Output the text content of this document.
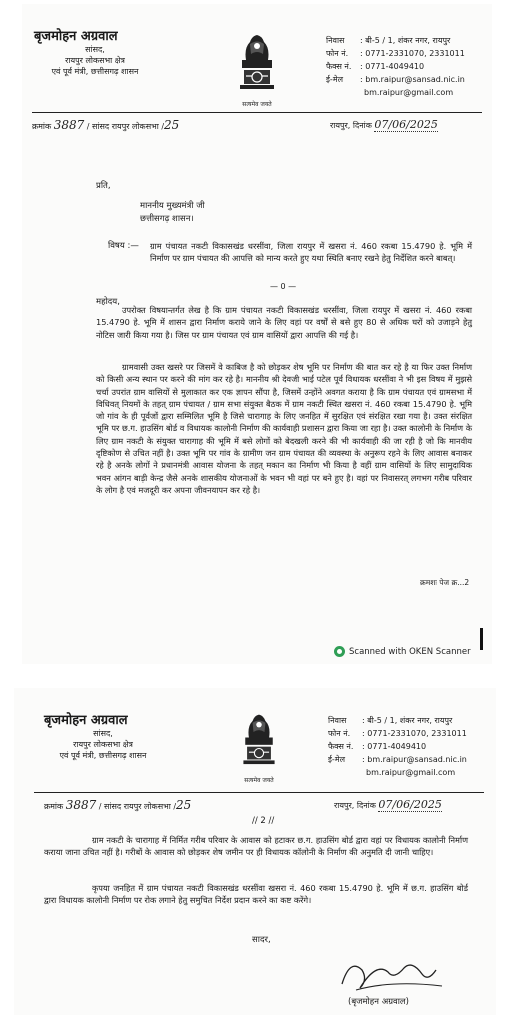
बृजमोहन अग्रवाल
सांसद,
रायपुर लोकसभा क्षेत्र
एवं पूर्व मंत्री, छत्तीसगढ़ शासन
सत्यमेव जयते
निवास : बी-5 / 1, शंकर नगर, रायपुर
फोन नं. : 0771-2331070, 2331011
फैक्स नं. : 0771-4049410
ई-मेल : bm.raipur@sansad.nic.in
bm.raipur@gmail.com
क्रमांक 3887 / सांसद रायपुर लोकसभा /25	रायपुर, दिनांक 07/06/2025
प्रति,
माननीय मुख्यमंत्री जी
छत्तीसगढ़ शासन।
विषय :— ग्राम पंचायत नकटी विकासखंड धरसींवा, जिला रायपुर में खसरा नं. 460 रकबा 15.4790 हे. भूमि में निर्माण पर ग्राम पंचायत की आपत्ति को मान्य करते हुए यथा स्थिति बनाए रखने हेतु निर्देशित करने बाबत्।
— 0 —
महोदय,
उपरोक्त विषयान्तर्गत लेख है कि ग्राम पंचायत नकटी विकासखंड धरसींवा, जिला रायपुर में खसरा नं. 460 रकबा 15.4790 हे. भूमि में शासन द्वारा निर्माण कराये जाने के लिए वहां पर वर्षों से बसे हुए 80 से अधिक घरों को उजाड़ने हेतु नोटिस जारी किया गया है। जिस पर ग्राम पंचायत एवं ग्राम वासियों द्वारा आपत्ति की गई है।
ग्रामवासी उक्त खसरे पर जिसमें वे काबिज है को छोड़कर शेष भूमि पर निर्माण की बात कर रहे है या फिर उक्त निर्माण को किसी अन्य स्थान पर करने की मांग कर रहे है। माननीय श्री देवजी भाई पटेल पूर्व विधायक धरसींवा ने भी इस विषय में मुझसे चर्चा उपरांत ग्राम वासियों से मुलाकात कर एक ज्ञापन सौंपा है, जिसमें उन्होंने अवगत कराया है कि ग्राम पंचायत एवं ग्रामसभा में विधिवत् नियमों के तहत् ग्राम पंचायत / ग्राम सभा संयुक्त बैठक में ग्राम नकटी स्थित खसरा नं. 460 रकबा 15.4790 हे. भूमि जो गांव के ही पूर्वजों द्वारा सम्मिलित भूमि है जिसे चारागाह के लिए जनहित में सुरक्षित एवं संरक्षित रखा गया है। उक्त संरक्षित भूमि पर छ.ग. हाउसिंग बोर्ड व विधायक कालोनी निर्माण की कार्यवाही प्रशासन द्वारा किया जा रहा है। उक्त कालोनी के निर्माण के लिए ग्राम नकटी के संयुक्त चारागाह की भूमि में बसे लोगों को बेदखली करने की भी कार्यवाही की जा रही है जो कि मानवीय दृष्टिकोण से उचित नहीं है। उक्त भूमि पर गांव के ग्रामीण जन ग्राम पंचायत की व्यवस्था के अनुरूप रहने के लिए आवास बनाकर रहे है अनके लोगों ने प्रधानमंत्री आवास योजना के तहत् मकान का निर्माण भी किया है वहीं ग्राम वासियों के लिए सामुदायिक भवन आंगन बाड़ी केन्द्र जैसे अनके शासकीय योजनाओं के भवन भी वहां पर बने हुए है। वहां पर निवासरत् लगभग गरीब परिवार के लोग है एवं मजदूरी कर अपना जीवनयापन कर रहे है।
क्रमशः पेज क्र...2
Scanned with OKEN Scanner
बृजमोहन अग्रवाल
सांसद,
रायपुर लोकसभा क्षेत्र
एवं पूर्व मंत्री, छत्तीसगढ़ शासन
सत्यमेव जयते
निवास : बी-5 / 1, शंकर नगर, रायपुर
फोन नं. : 0771-2331070, 2331011
फैक्स नं. : 0771-4049410
ई-मेल : bm.raipur@sansad.nic.in
bm.raipur@gmail.com
क्रमांक 3887 / सांसद रायपुर लोकसभा /25	रायपुर, दिनांक 07/06/2025
// 2 //
ग्राम नकटी के चारागाह में निर्मित गरीब परिवार के आवास को हटाकर छ.ग. हाउसिंग बोर्ड द्वारा वहां पर विधायक कालोनी निर्माण कराया जाना उचित नहीं है। गरीबों के आवास को छोड़कर शेष जमीन पर ही विधायक कॉलोनी के निर्माण की अनुमति दी जानी चाहिए।
कृपया जनहित में ग्राम पंचायत नकटी विकासखंड धरसींवा खसरा नं. 460 रकबा 15.4790 हे. भूमि में छ.ग. हाउसिंग बोर्ड द्वारा विधायक कालोनी निर्माण पर रोक लगाने हेतु समुचित निर्देश प्रदान करने का कष्ट करेंगे।
सादर,
(बृजमोहन अग्रवाल)
